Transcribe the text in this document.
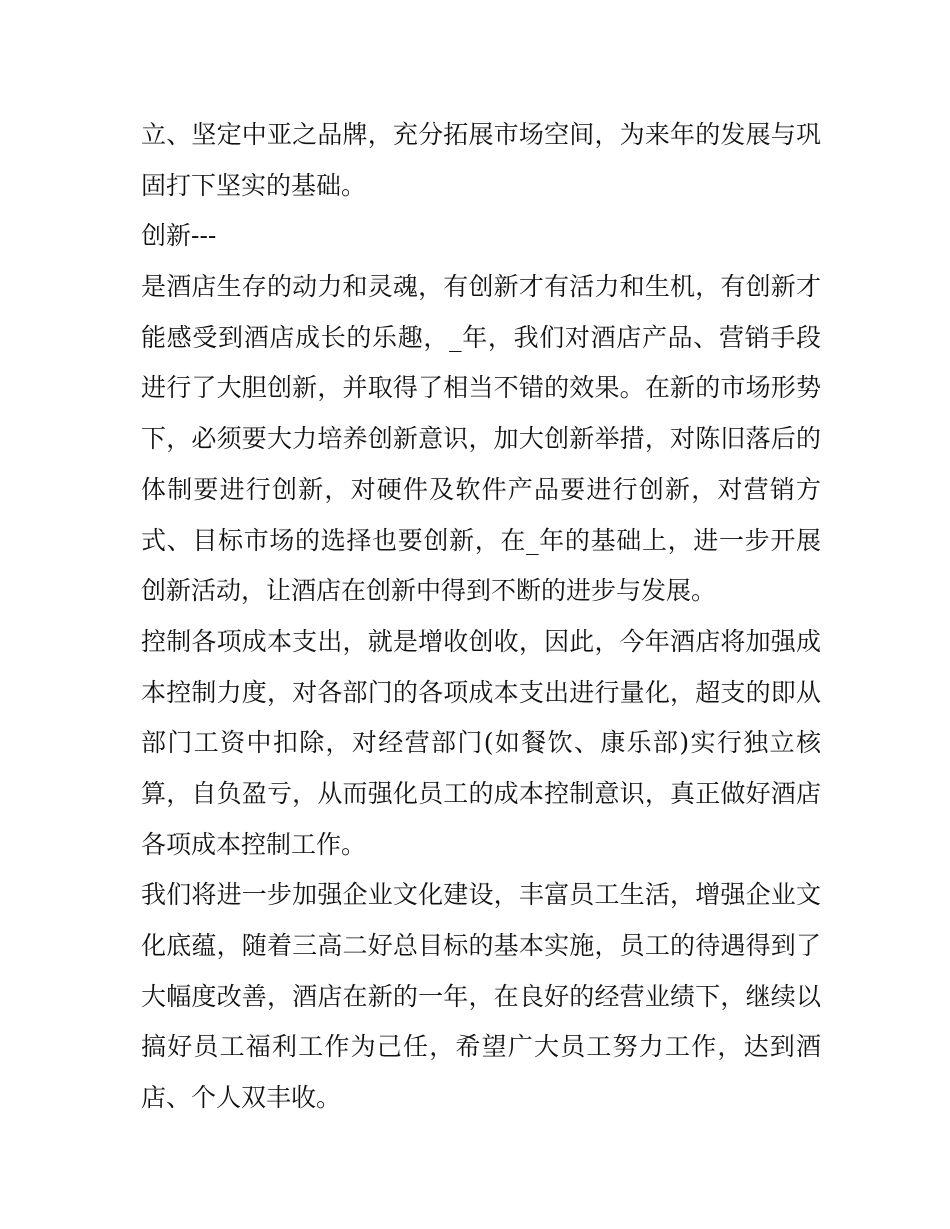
立、坚定中亚之品牌，充分拓展市场空间，为来年的发展与巩
固打下坚实的基础。
创新---
是酒店生存的动力和灵魂，有创新才有活力和生机，有创新才
能感受到酒店成长的乐趣，_年，我们对酒店产品、营销手段
进行了大胆创新，并取得了相当不错的效果。在新的市场形势
下，必须要大力培养创新意识，加大创新举措，对陈旧落后的
体制要进行创新，对硬件及软件产品要进行创新，对营销方
式、目标市场的选择也要创新，在_年的基础上，进一步开展
创新活动，让酒店在创新中得到不断的进步与发展。
控制各项成本支出，就是增收创收，因此，今年酒店将加强成
本控制力度，对各部门的各项成本支出进行量化，超支的即从
部门工资中扣除，对经营部门(如餐饮、康乐部)实行独立核
算，自负盈亏，从而强化员工的成本控制意识，真正做好酒店
各项成本控制工作。
我们将进一步加强企业文化建设，丰富员工生活，增强企业文
化底蕴，随着三高二好总目标的基本实施，员工的待遇得到了
大幅度改善，酒店在新的一年，在良好的经营业绩下，继续以
搞好员工福利工作为己任，希望广大员工努力工作，达到酒
店、个人双丰收。
